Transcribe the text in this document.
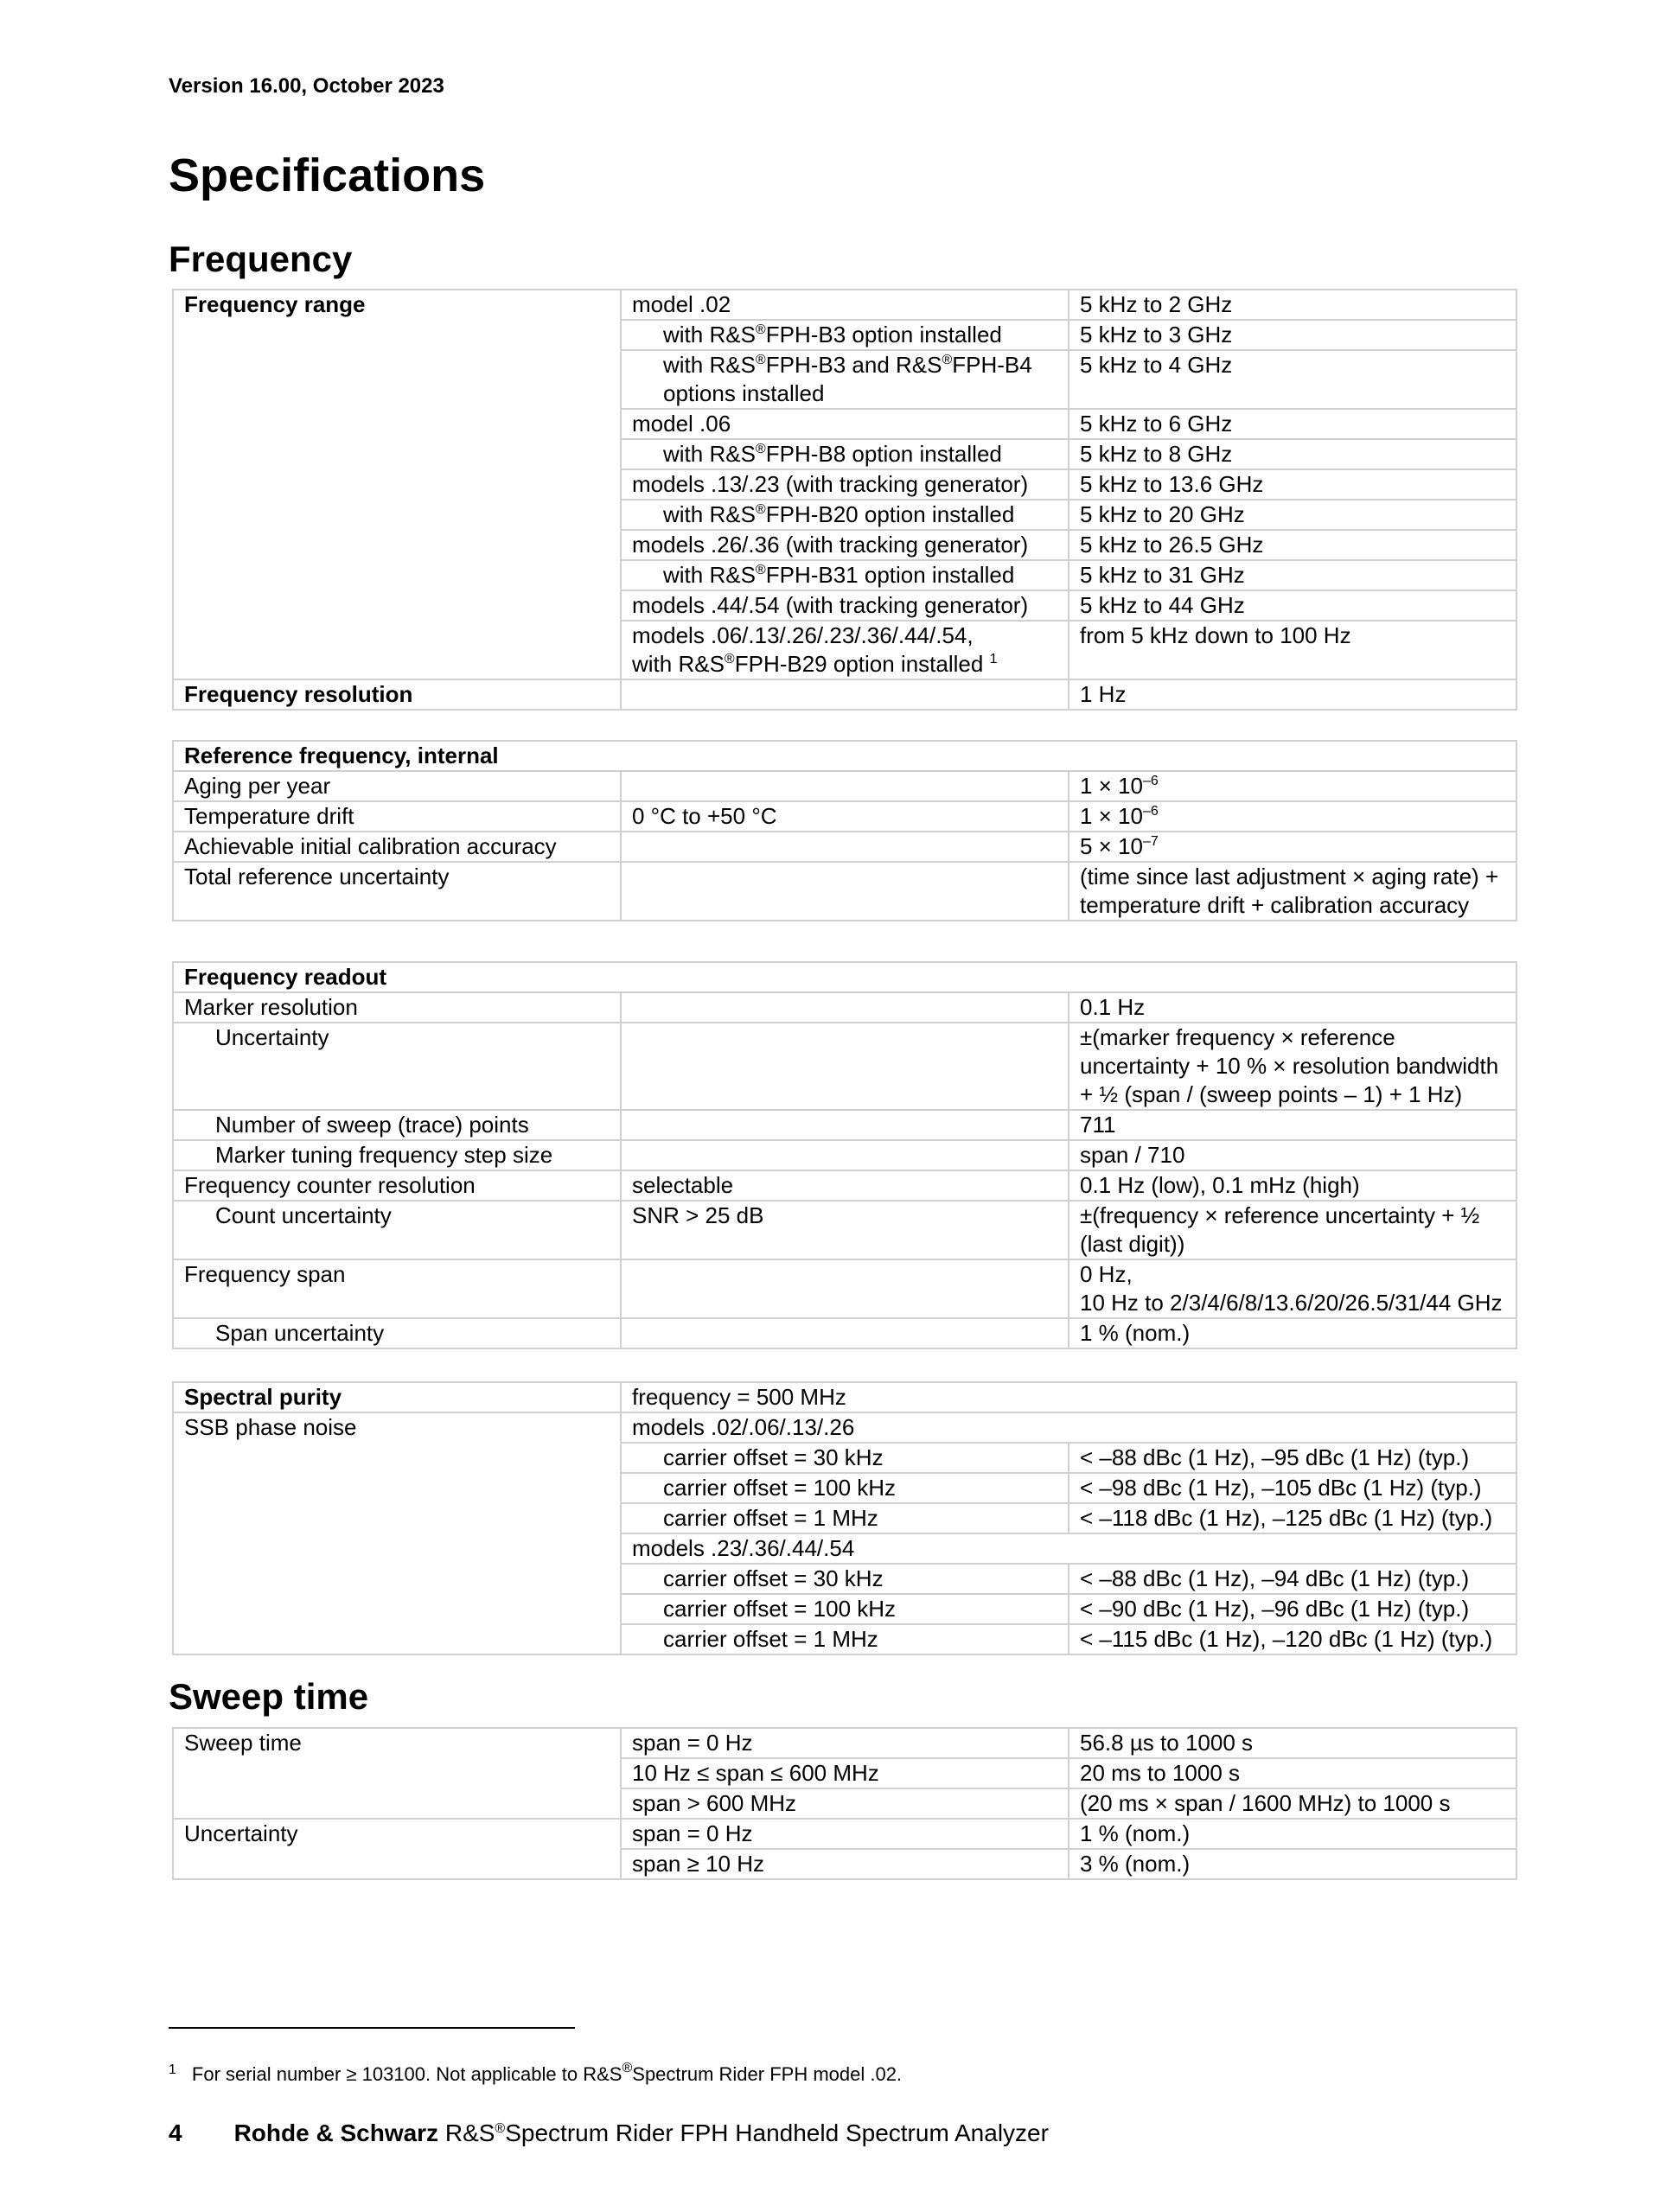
Version 16.00, October 2023
Specifications
Frequency
Frequency range	model .02	5 kHz to 2 GHz
	with R&S®FPH-B3 option installed	5 kHz to 3 GHz
	with R&S®FPH-B3 and R&S®FPH-B4 options installed	5 kHz to 4 GHz
	model .06	5 kHz to 6 GHz
	with R&S®FPH-B8 option installed	5 kHz to 8 GHz
	models .13/.23 (with tracking generator)	5 kHz to 13.6 GHz
	with R&S®FPH-B20 option installed	5 kHz to 20 GHz
	models .26/.36 (with tracking generator)	5 kHz to 26.5 GHz
	with R&S®FPH-B31 option installed	5 kHz to 31 GHz
	models .44/.54 (with tracking generator)	5 kHz to 44 GHz
	models .06/.13/.26/.23/.36/.44/.54,
with R&S®FPH-B29 option installed $^1$	from 5 kHz down to 100 Hz
Frequency resolution		1 Hz
Reference frequency, internal		
Aging per year		$1 \times 10^{-6}$
Temperature drift	0 °C to +50 °C	$1 \times 10^{-6}$
Achievable initial calibration accuracy		$5 \times 10^{-7}$
Total reference uncertainty		(time since last adjustment × aging rate) + temperature drift + calibration accuracy
Frequency readout		
Marker resolution		0.1 Hz
Uncertainty		±(marker frequency × reference uncertainty + 10 % × resolution bandwidth + ½ (span / (sweep points – 1) + 1 Hz)
Number of sweep (trace) points		711
Marker tuning frequency step size		span / 710
Frequency counter resolution	selectable	0.1 Hz (low), 0.1 mHz (high)
Count uncertainty	SNR > 25 dB	±(frequency × reference uncertainty + ½ (last digit))
Frequency span		0 Hz,
10 Hz to 2/3/4/6/8/13.6/20/26.5/31/44 GHz
Span uncertainty		1 % (nom.)
Spectral purity	frequency = 500 MHz	
SSB phase noise	models .02/.06/.13/.26	
	carrier offset = 30 kHz	< –88 dBc (1 Hz), –95 dBc (1 Hz) (typ.)
	carrier offset = 100 kHz	< –98 dBc (1 Hz), –105 dBc (1 Hz) (typ.)
	carrier offset = 1 MHz	< –118 dBc (1 Hz), –125 dBc (1 Hz) (typ.)
	models .23/.36/.44/.54	
	carrier offset = 30 kHz	< –88 dBc (1 Hz), –94 dBc (1 Hz) (typ.)
	carrier offset = 100 kHz	< –90 dBc (1 Hz), –96 dBc (1 Hz) (typ.)
	carrier offset = 1 MHz	< –115 dBc (1 Hz), –120 dBc (1 Hz) (typ.)
Sweep time
Sweep time	span = 0 Hz	56.8 µs to 1000 s
	10 Hz ≤ span ≤ 600 MHz	20 ms to 1000 s
	span > 600 MHz	(20 ms × span / 1600 MHz) to 1000 s
Uncertainty	span = 0 Hz	1 % (nom.)
	span ≥ 10 Hz	3 % (nom.)
$^1$ For serial number ≥ 103100. Not applicable to R&S®Spectrum Rider FPH model .02.
4 Rohde & Schwarz R&S®Spectrum Rider FPH Handheld Spectrum Analyzer
